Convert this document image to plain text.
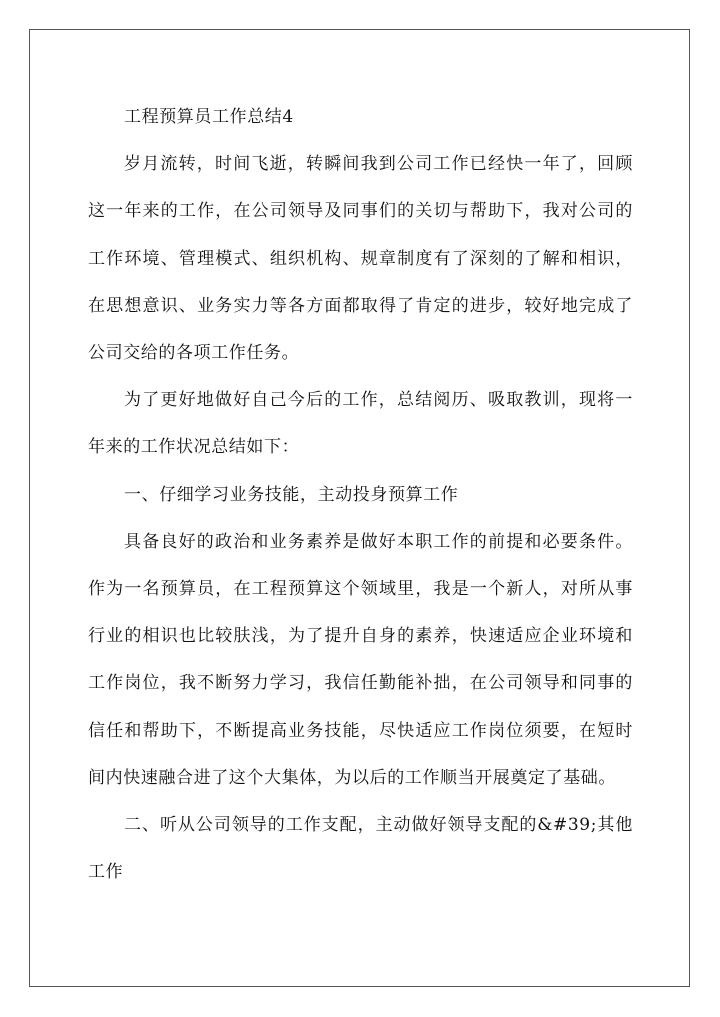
工程预算员工作总结4

岁月流转，时间飞逝，转瞬间我到公司工作已经快一年了，回顾这一年来的工作，在公司领导及同事们的关切与帮助下，我对公司的工作环境、管理模式、组织机构、规章制度有了深刻的了解和相识，在思想意识、业务实力等各方面都取得了肯定的进步，较好地完成了公司交给的各项工作任务。

为了更好地做好自己今后的工作，总结阅历、吸取教训，现将一年来的工作状况总结如下：

一、仔细学习业务技能，主动投身预算工作

具备良好的政治和业务素养是做好本职工作的前提和必要条件。作为一名预算员，在工程预算这个领域里，我是一个新人，对所从事行业的相识也比较肤浅，为了提升自身的素养，快速适应企业环境和工作岗位，我不断努力学习，我信任勤能补拙，在公司领导和同事的信任和帮助下，不断提高业务技能，尽快适应工作岗位须要，在短时间内快速融合进了这个大集体，为以后的工作顺当开展奠定了基础。

二、听从公司领导的工作支配，主动做好领导支配的&#39;其他工作
